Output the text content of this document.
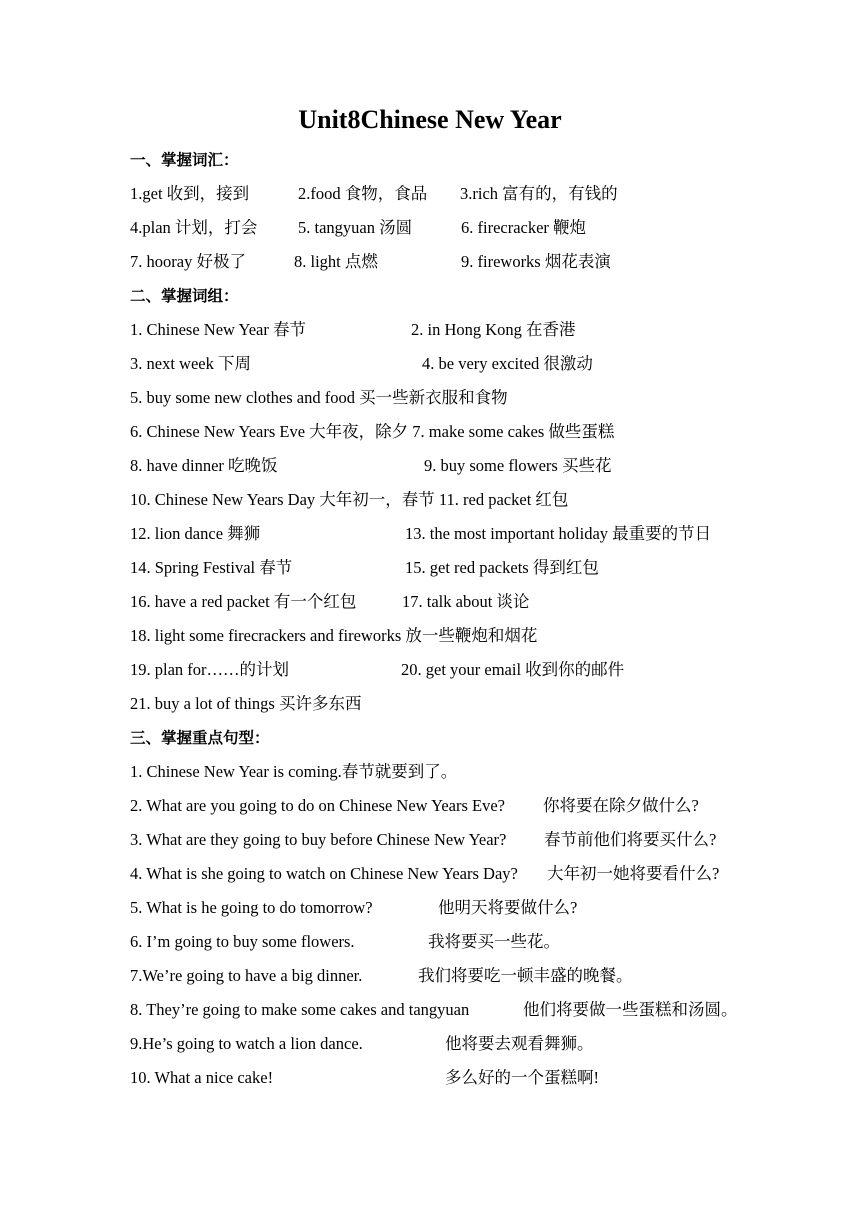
Unit8Chinese New Year
一、掌握词汇：
1.get 收到，接到	2.food 食物，食品 3.rich 富有的，有钱的
4.plan 计划，打会 5. tangyuan 汤圆	6. firecracker 鞭炮
7. hooray 好极了	8. light 点燃	9. fireworks 烟花表演
二、掌握词组：
1. Chinese New Year 春节	2. in Hong Kong 在香港
3. next week 下周	4. be very excited 很激动
5. buy some new clothes and food 买一些新衣服和食物
6. Chinese New Years Eve 大年夜，除夕 7. make some cakes 做些蛋糕
8. have dinner 吃晚饭	9. buy some flowers 买些花
10. Chinese New Years Day 大年初一，春节 11. red packet 红包
12. lion dance 舞狮	13. the most important holiday 最重要的节日
14. Spring Festival 春节	15. get red packets 得到红包
16. have a red packet 有一个红包	17. talk about 谈论
18. light some firecrackers and fireworks 放一些鞭炮和烟花
19. plan for……的计划	20. get your email 收到你的邮件
21. buy a lot of things 买许多东西
三、掌握重点句型：
1. Chinese New Year is coming.春节就要到了。
2. What are you going to do on Chinese New Years Eve? 你将要在除夕做什么?
3. What are they going to buy before Chinese New Year? 春节前他们将要买什么?
4. What is she going to watch on Chinese New Years Day? 大年初一她将要看什么?
5. What is he going to do tomorrow?	他明天将要做什么?
6. I’m going to buy some flowers.	我将要买一些花。
7.We’re going to have a big dinner.	我们将要吃一顿丰盛的晚餐。
8. They’re going to make some cakes and tangyuan	他们将要做一些蛋糕和汤圆。
9.He’s going to watch a lion dance.	他将要去观看舞狮。
10. What a nice cake!	多么好的一个蛋糕啊!
